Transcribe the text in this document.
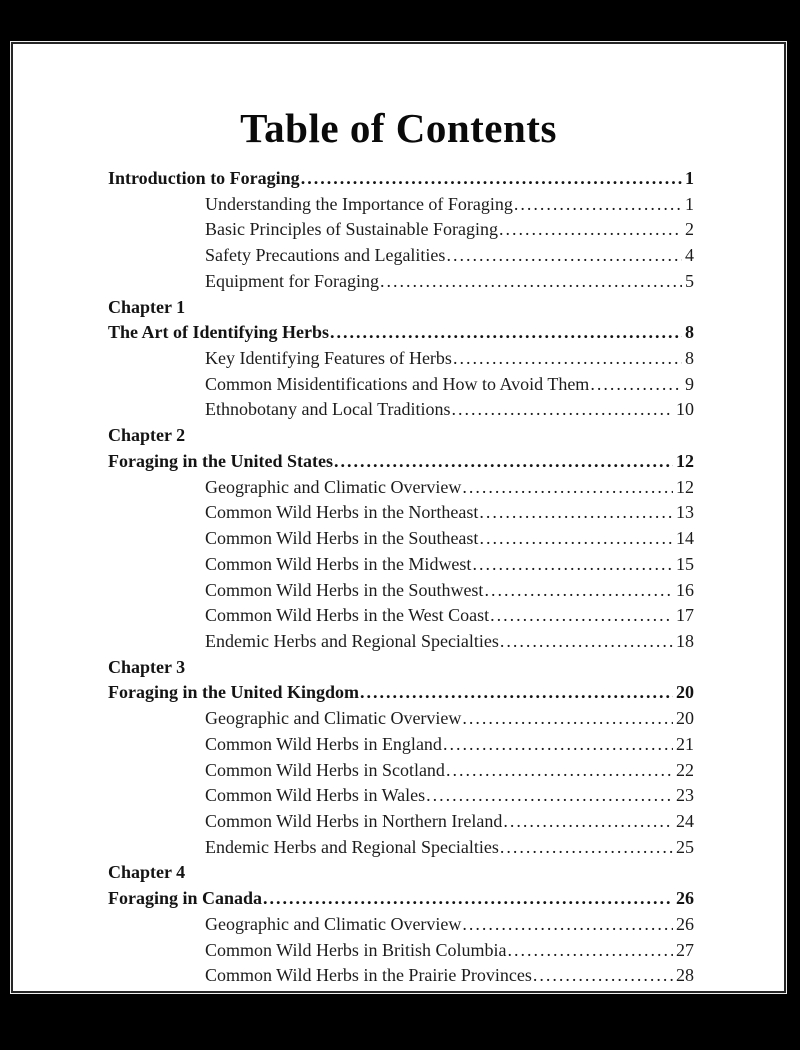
Table of Contents
Introduction to Foraging .....	1
Understanding the Importance of Foraging .....	1
Basic Principles of Sustainable Foraging .....	2
Safety Precautions and Legalities .....	4
Equipment for Foraging .....	5
Chapter 1
The Art of Identifying Herbs .....	8
Key Identifying Features of Herbs .....	8
Common Misidentifications and How to Avoid Them .....	9
Ethnobotany and Local Traditions .....	10
Chapter 2
Foraging in the United States .....	12
Geographic and Climatic Overview .....	12
Common Wild Herbs in the Northeast .....	13
Common Wild Herbs in the Southeast .....	14
Common Wild Herbs in the Midwest .....	15
Common Wild Herbs in the Southwest .....	16
Common Wild Herbs in the West Coast .....	17
Endemic Herbs and Regional Specialties .....	18
Chapter 3
Foraging in the United Kingdom .....	20
Geographic and Climatic Overview .....	20
Common Wild Herbs in England .....	21
Common Wild Herbs in Scotland .....	22
Common Wild Herbs in Wales .....	23
Common Wild Herbs in Northern Ireland .....	24
Endemic Herbs and Regional Specialties .....	25
Chapter 4
Foraging in Canada .....	26
Geographic and Climatic Overview .....	26
Common Wild Herbs in British Columbia .....	27
Common Wild Herbs in the Prairie Provinces .....	28
